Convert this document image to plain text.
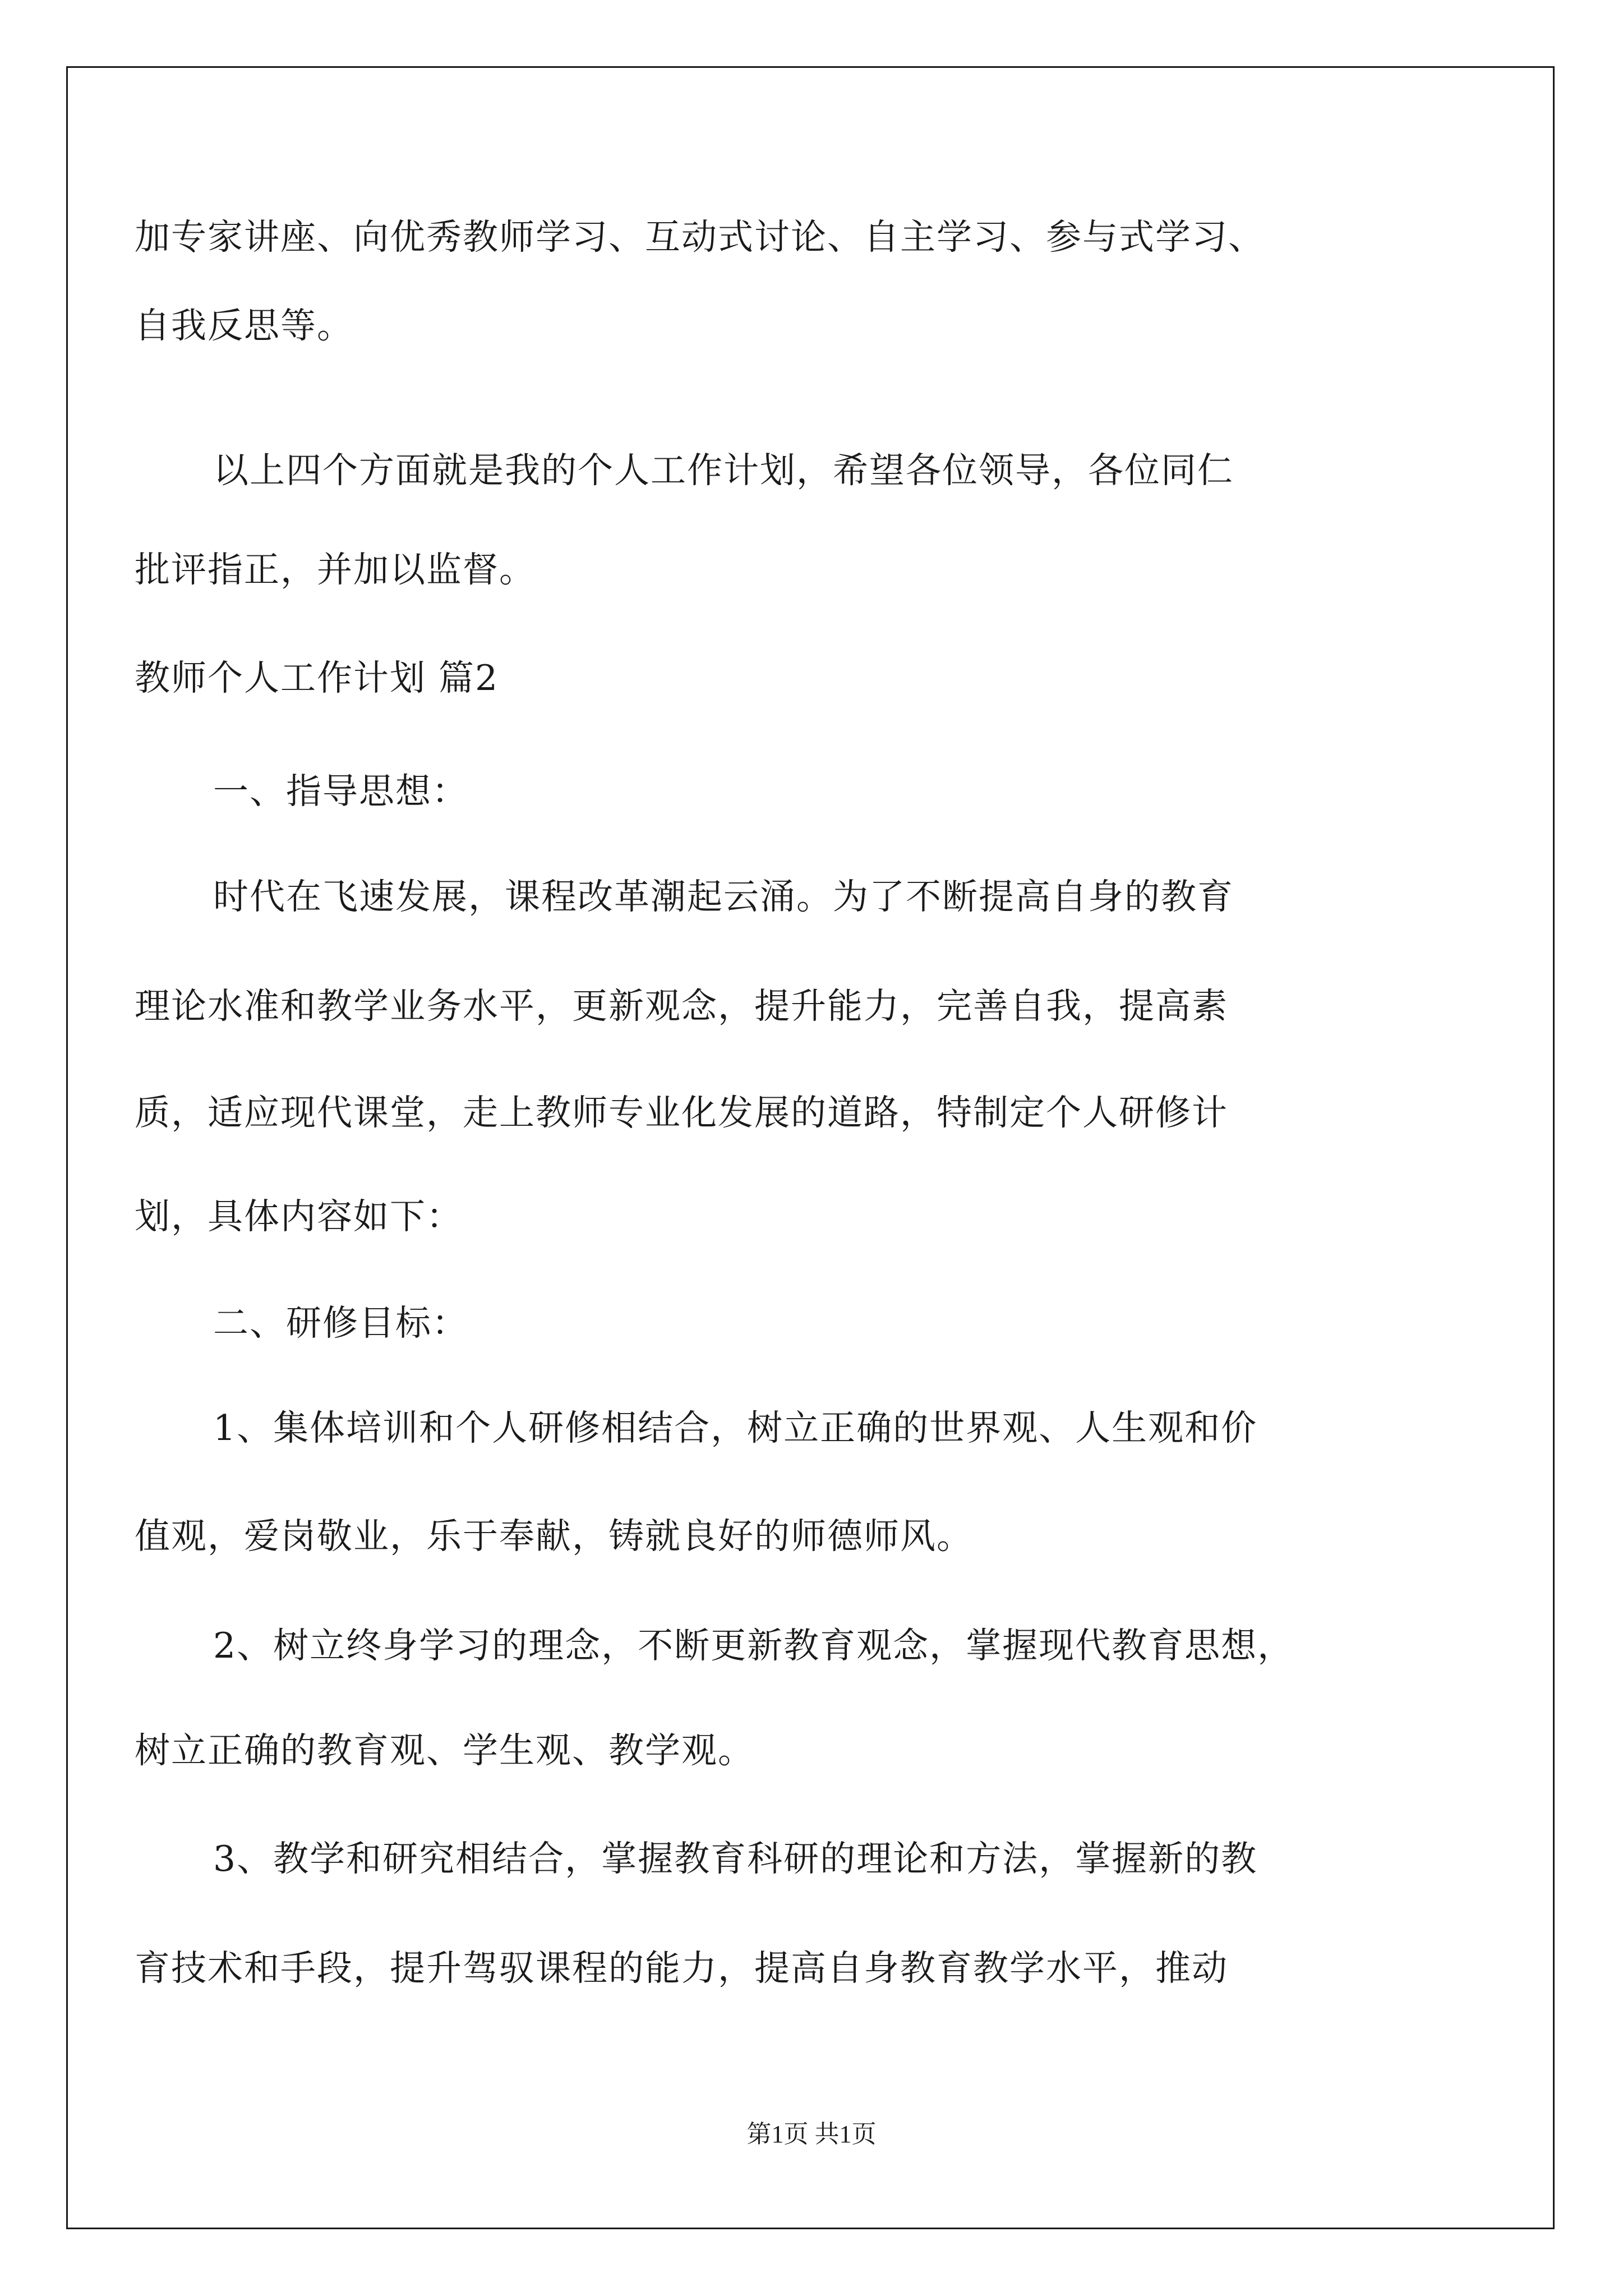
加专家讲座、向优秀教师学习、互动式讨论、自主学习、参与式学习、
自我反思等。
以上四个方面就是我的个人工作计划，希望各位领导，各位同仁
批评指正，并加以监督。
教师个人工作计划 篇2
一、指导思想：
时代在飞速发展，课程改革潮起云涌。为了不断提高自身的教育
理论水准和教学业务水平，更新观念，提升能力，完善自我，提高素
质，适应现代课堂，走上教师专业化发展的道路，特制定个人研修计
划，具体内容如下：
二、研修目标：
1、集体培训和个人研修相结合，树立正确的世界观、人生观和价
值观，爱岗敬业，乐于奉献，铸就良好的师德师风。
2、树立终身学习的理念，不断更新教育观念，掌握现代教育思想，
树立正确的教育观、学生观、教学观。
3、教学和研究相结合，掌握教育科研的理论和方法，掌握新的教
育技术和手段，提升驾驭课程的能力，提高自身教育教学水平，推动
第1页 共1页
